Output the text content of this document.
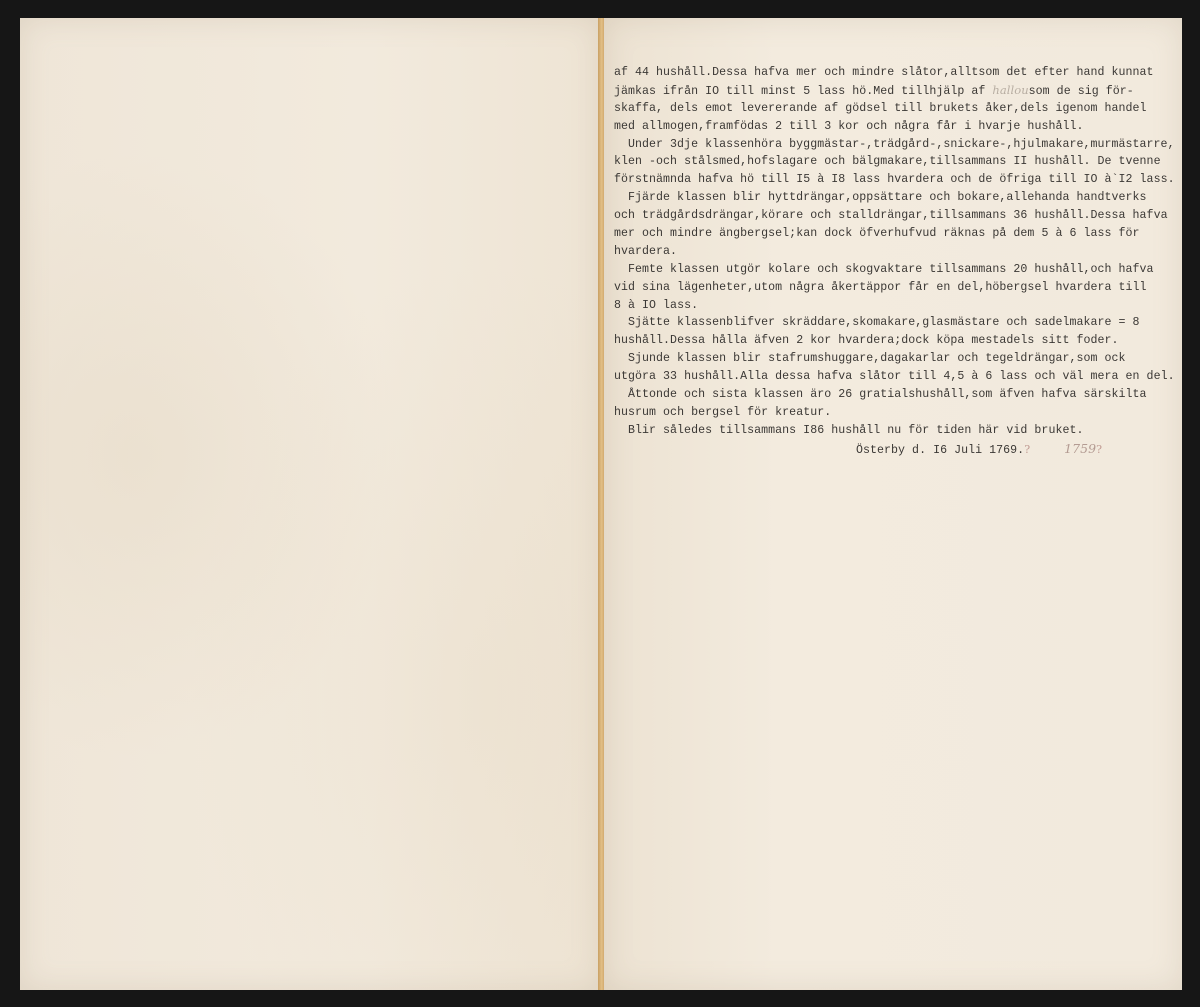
af 44 hushåll.Dessa hafva mer och mindre slåtor,alltsom det efter hand kunnat
jämkas ifrån IO till minst 5 lass hö.Med tillhjälp af hallousom de sig för-
skaffa, dels emot levererande af gödsel till brukets åker,dels igenom handel
med allmogen,framfödas 2 till 3 kor och några får i hvarje hushåll.
Under 3dje klassenhöra byggmästar-,trädgård-,snickare-,hjulmakare,murmästarre,
klen -och stålsmed,hofslagare och bälgmakare,tillsammans II hushåll. De tvenne
förstnämnda hafva hö till I5 à I8 lass hvardera och de öfriga till IO à`I2 lass.
Fjärde klassen blir hyttdrängar,oppsättare och bokare,allehanda handtverks
och trädgårdsdrängar,körare och stalldrängar,tillsammans 36 hushåll.Dessa hafva
mer och mindre ängbergsel;kan dock öfverhufvud räknas på dem 5 à 6 lass för
hvardera.
Femte klassen utgör kolare och skogvaktare tillsammans 20 hushåll,och hafva
vid sina lägenheter,utom några åkertäppor får en del,höbergsel hvardera till
8 à IO lass.
Sjätte klassenblifver skräddare,skomakare,glasmästare och sadelmakare = 8
hushåll.Dessa hålla äfven 2 kor hvardera;dock köpa mestadels sitt foder.
Sjunde klassen blir stafrumshuggare,dagakarlar och tegeldrängar,som ock
utgöra 33 hushåll.Alla dessa hafva slåtor till 4,5 à 6 lass och väl mera en del.
Åttonde och sista klassen äro 26 gratialshushåll,som äfven hafva särskilta
husrum och bergsel för kreatur.
Blir således tillsammans I86 hushåll nu för tiden här vid bruket.
Österby d. I6 Juli 1769.?	1759?
